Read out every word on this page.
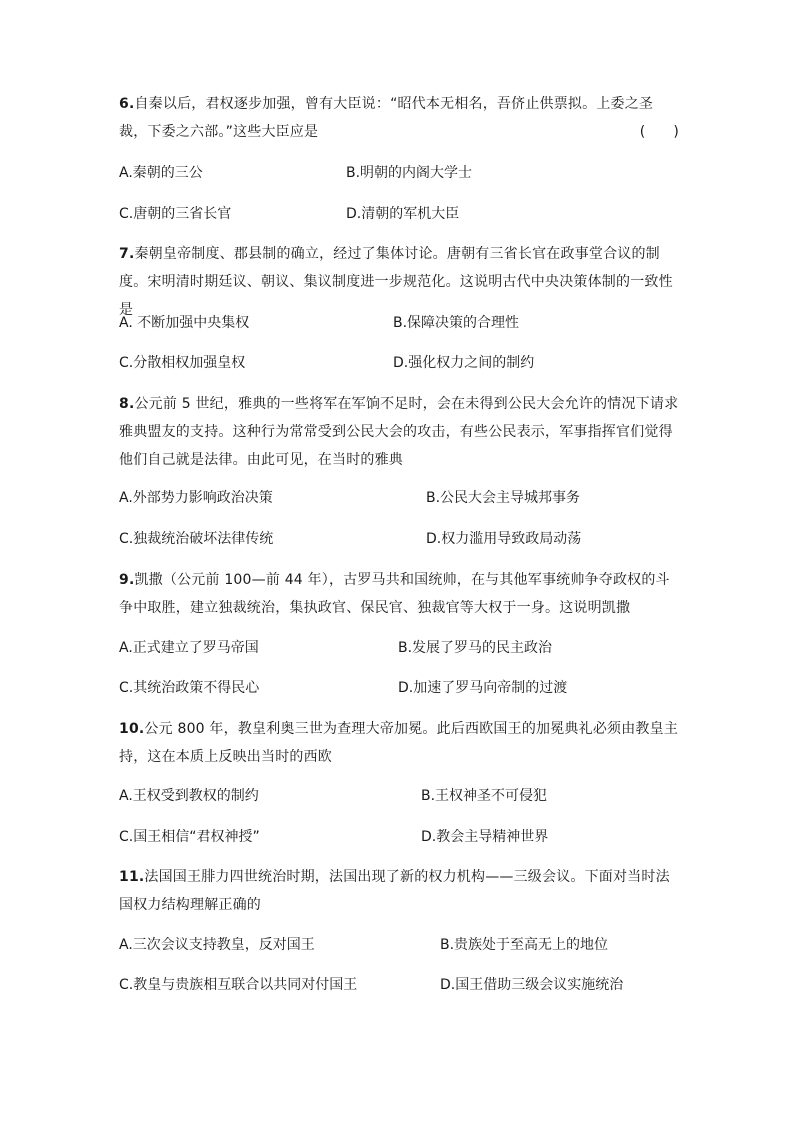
6.自秦以后，君权逐步加强，曾有大臣说：“昭代本无相名，吾侪止供票拟。上委之圣裁，下委之六部。”这些大臣应是	(      )
A.秦朝的三公	B.明朝的内阁大学士
C.唐朝的三省长官	D.清朝的军机大臣
7.秦朝皇帝制度、郡县制的确立，经过了集体讨论。唐朝有三省长官在政事堂合议的制度。宋明清时期廷议、朝议、集议制度进一步规范化。这说明古代中央决策体制的一致性是
A. 不断加强中央集权	B.保障决策的合理性
C.分散相权加强皇权	D.强化权力之间的制约
8.公元前 5 世纪，雅典的一些将军在军饷不足时，会在未得到公民大会允许的情况下请求雅典盟友的支持。这种行为常常受到公民大会的攻击，有些公民表示，军事指挥官们觉得他们自己就是法律。由此可见，在当时的雅典
A.外部势力影响政治决策	B.公民大会主导城邦事务
C.独裁统治破坏法律传统	D.权力滥用导致政局动荡
9.凯撒（公元前 100—前 44 年），古罗马共和国统帅，在与其他军事统帅争夺政权的斗争中取胜，建立独裁统治，集执政官、保民官、独裁官等大权于一身。这说明凯撒
A.正式建立了罗马帝国	B.发展了罗马的民主政治
C.其统治政策不得民心	D.加速了罗马向帝制的过渡
10.公元 800 年，教皇利奥三世为查理大帝加冕。此后西欧国王的加冕典礼必须由教皇主持，这在本质上反映出当时的西欧
A.王权受到教权的制约	B.王权神圣不可侵犯
C.国王相信“君权神授”	D.教会主导精神世界
11.法国国王腓力四世统治时期，法国出现了新的权力机构——三级会议。下面对当时法国权力结构理解正确的
A.三次会议支持教皇，反对国王	B.贵族处于至高无上的地位
C.教皇与贵族相互联合以共同对付国王	D.国王借助三级会议实施统治
